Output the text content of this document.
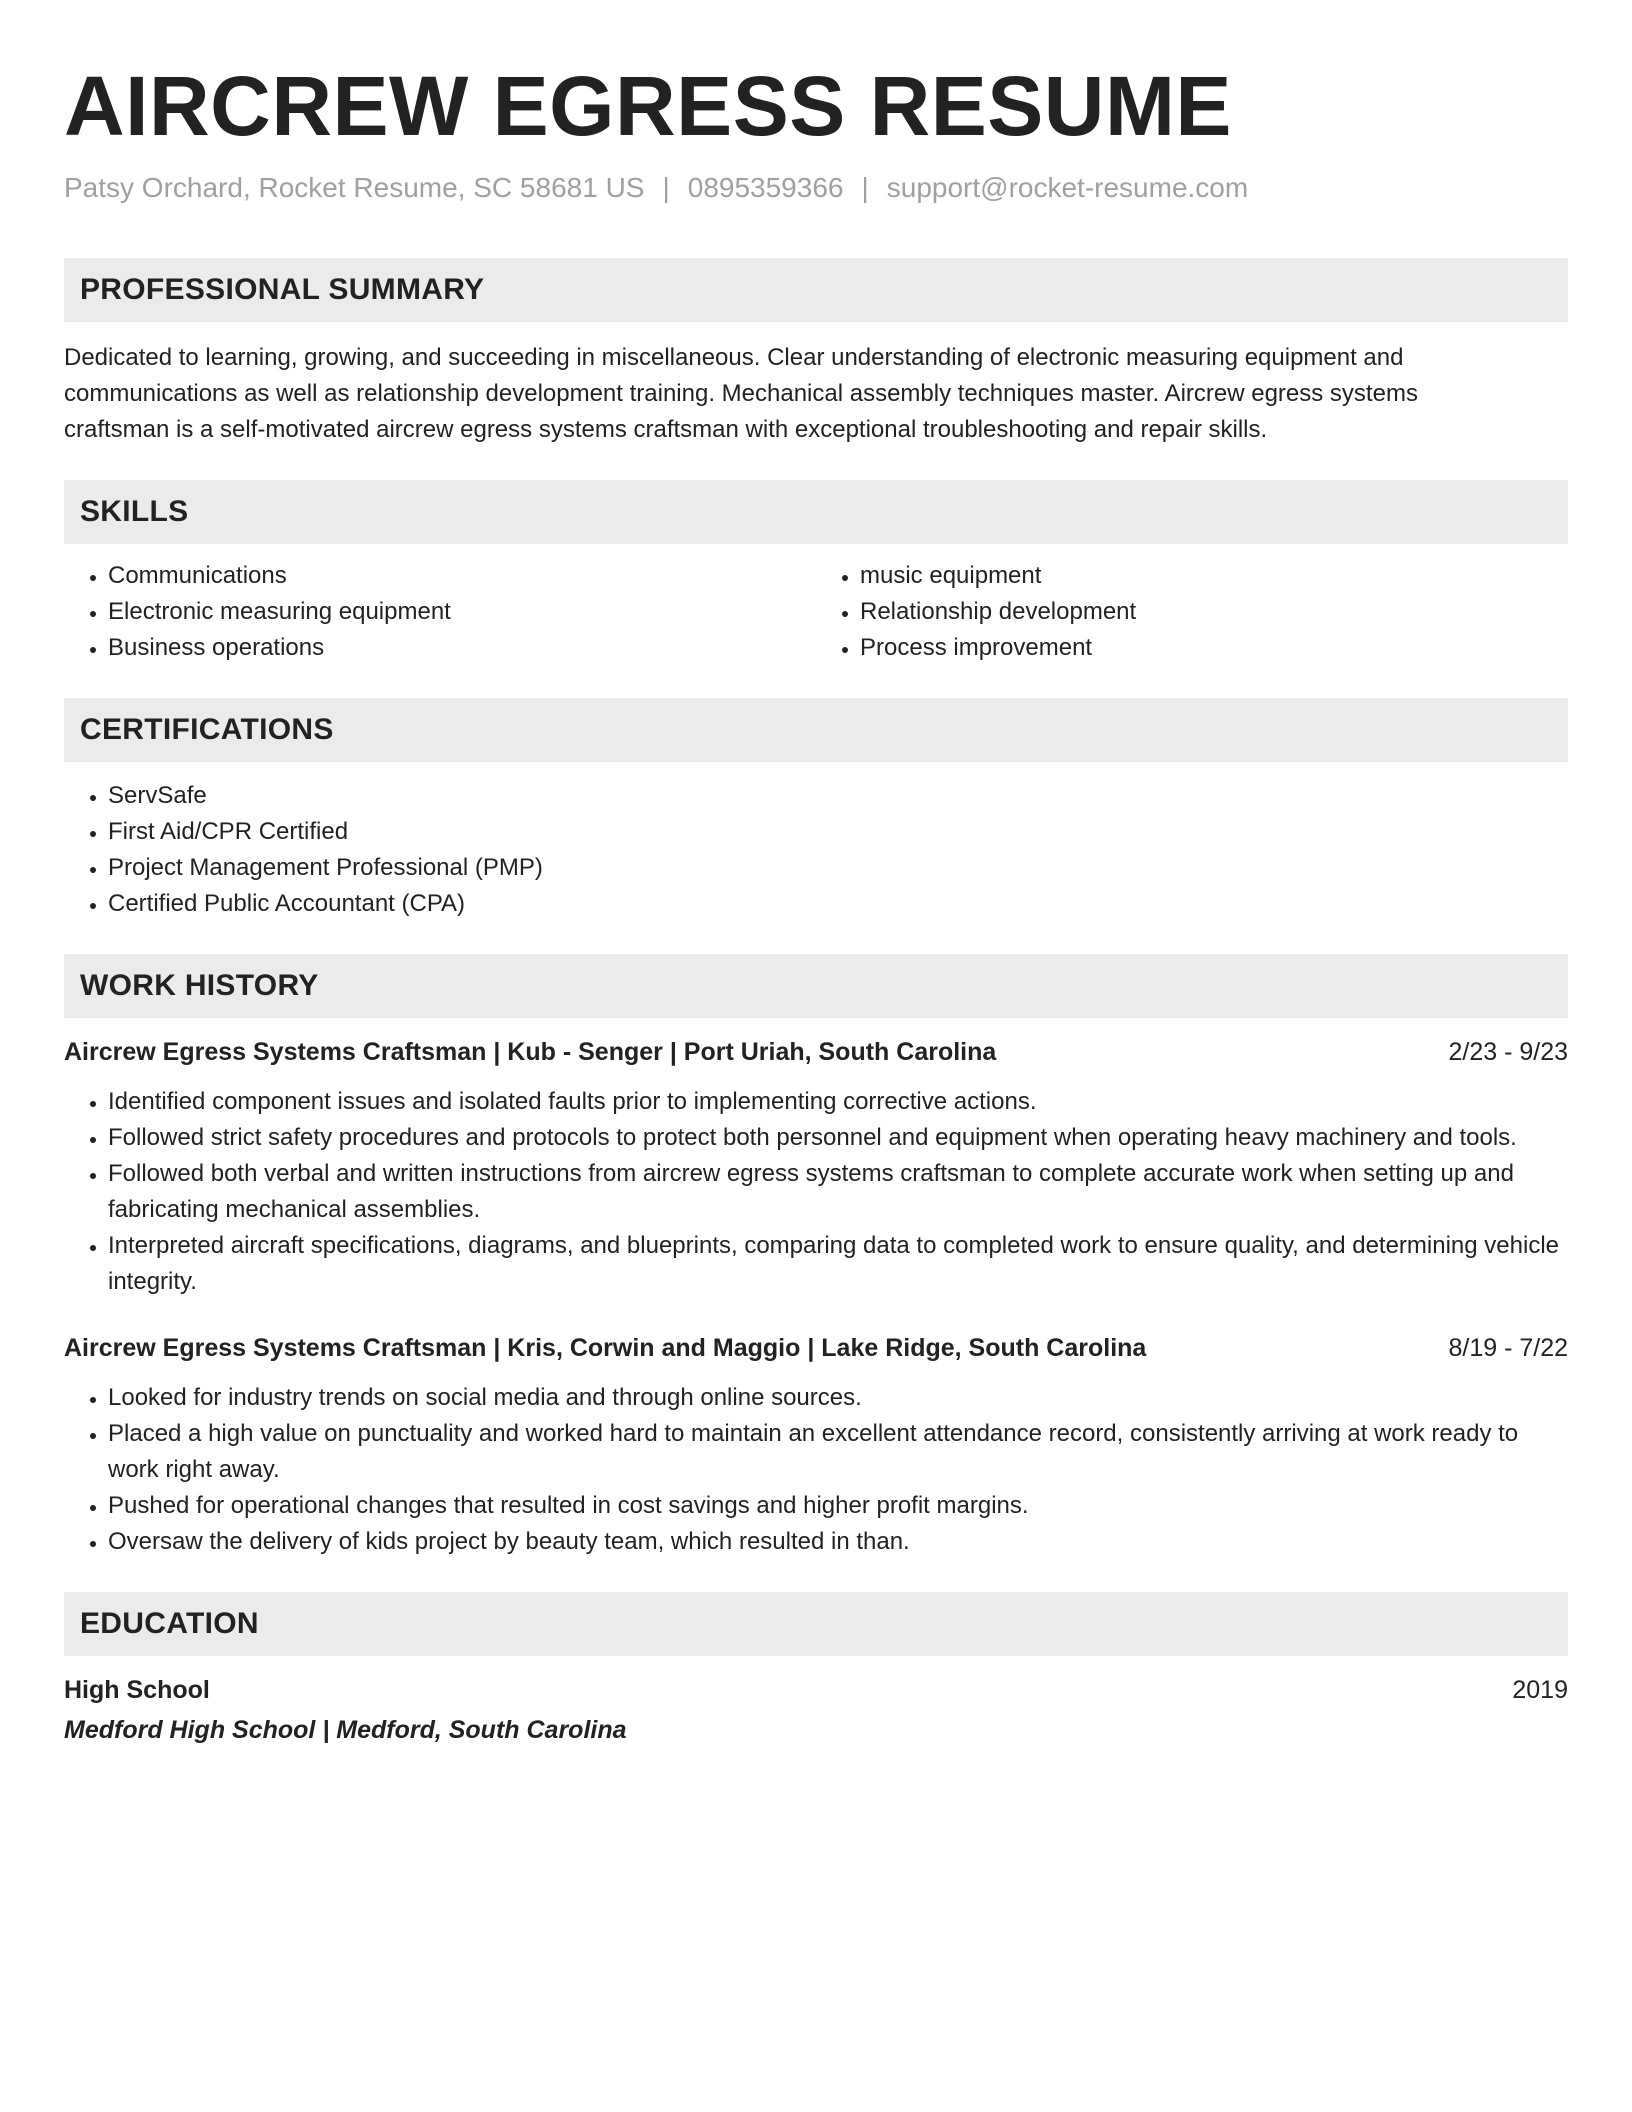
AIRCREW EGRESS RESUME
Patsy Orchard, Rocket Resume, SC 58681 US | 0895359366 | support@rocket-resume.com
PROFESSIONAL SUMMARY

Dedicated to learning, growing, and succeeding in miscellaneous. Clear understanding of electronic measuring equipment and communications as well as relationship development training. Mechanical assembly techniques master. Aircrew egress systems craftsman is a self-motivated aircrew egress systems craftsman with exceptional troubleshooting and repair skills.

SKILLS
• Communications
• Electronic measuring equipment
• Business operations
• music equipment
• Relationship development
• Process improvement
CERTIFICATIONS
• ServSafe
• First Aid/CPR Certified
• Project Management Professional (PMP)
• Certified Public Accountant (CPA)
WORK HISTORY
Aircrew Egress Systems Craftsman | Kub - Senger | Port Uriah, South Carolina	2/23 - 9/23
• Identified component issues and isolated faults prior to implementing corrective actions.
• Followed strict safety procedures and protocols to protect both personnel and equipment when operating heavy machinery and tools.
• Followed both verbal and written instructions from aircrew egress systems craftsman to complete accurate work when setting up and fabricating mechanical assemblies.
• Interpreted aircraft specifications, diagrams, and blueprints, comparing data to completed work to ensure quality, and determining vehicle integrity.
Aircrew Egress Systems Craftsman | Kris, Corwin and Maggio | Lake Ridge, South Carolina	8/19 - 7/22
• Looked for industry trends on social media and through online sources.
• Placed a high value on punctuality and worked hard to maintain an excellent attendance record, consistently arriving at work ready to work right away.
• Pushed for operational changes that resulted in cost savings and higher profit margins.
• Oversaw the delivery of kids project by beauty team, which resulted in than.
EDUCATION
High School	2019
Medford High School | Medford, South Carolina
